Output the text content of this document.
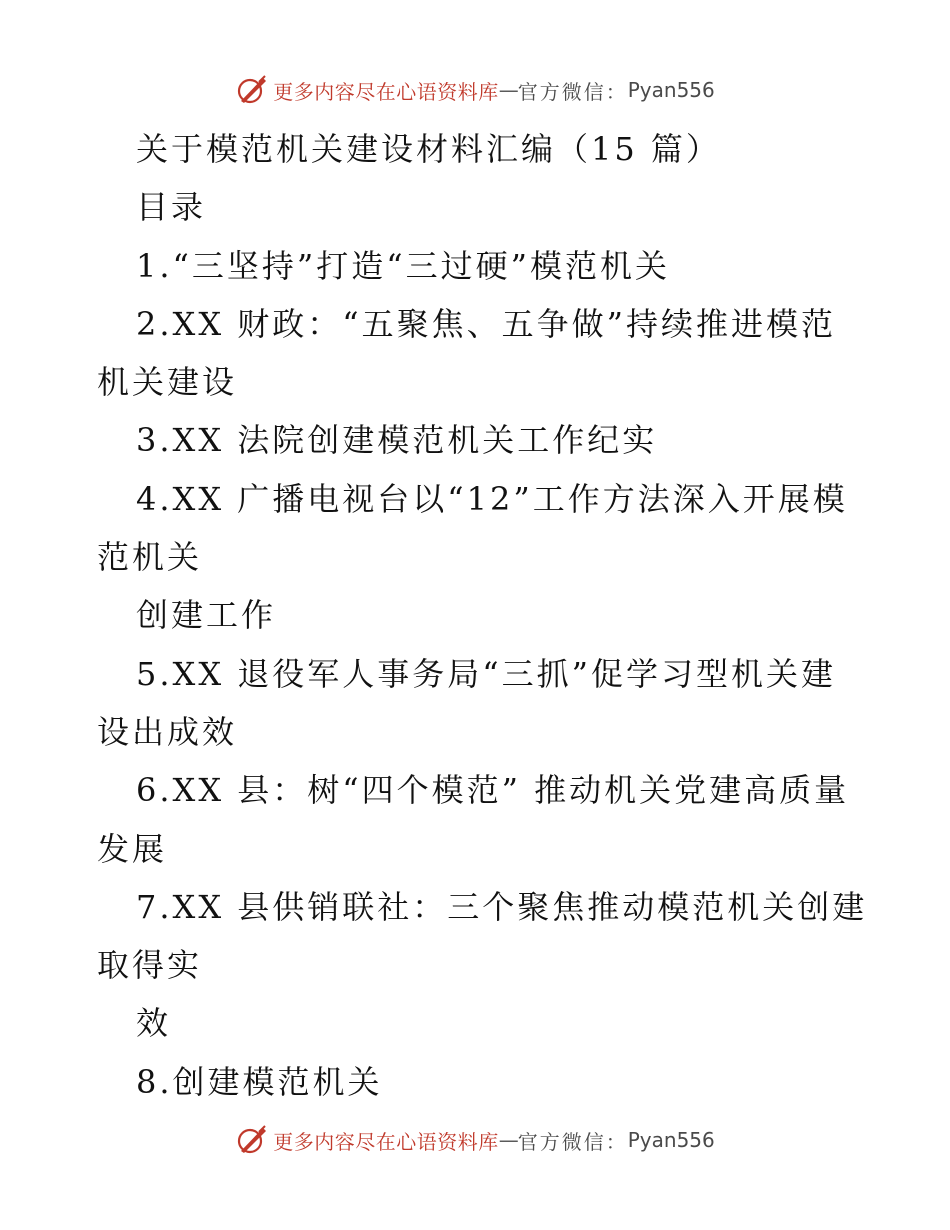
更多内容尽在心语资料库 — 官方微信： Pyan556
关于模范机关建设材料汇编（15 篇）
目录
1.“三坚持”打造“三过硬”模范机关
2.XX 财政：“五聚焦、五争做”持续推进模范
机关建设
3.XX 法院创建模范机关工作纪实
4.XX 广播电视台以“12”工作方法深入开展模
范机关
创建工作
5.XX 退役军人事务局“三抓”促学习型机关建
设出成效
6.XX 县：树“四个模范” 推动机关党建高质量
发展
7.XX 县供销联社：三个聚焦推动模范机关创建
取得实
效
8.创建模范机关
更多内容尽在心语资料库 — 官方微信： Pyan556
